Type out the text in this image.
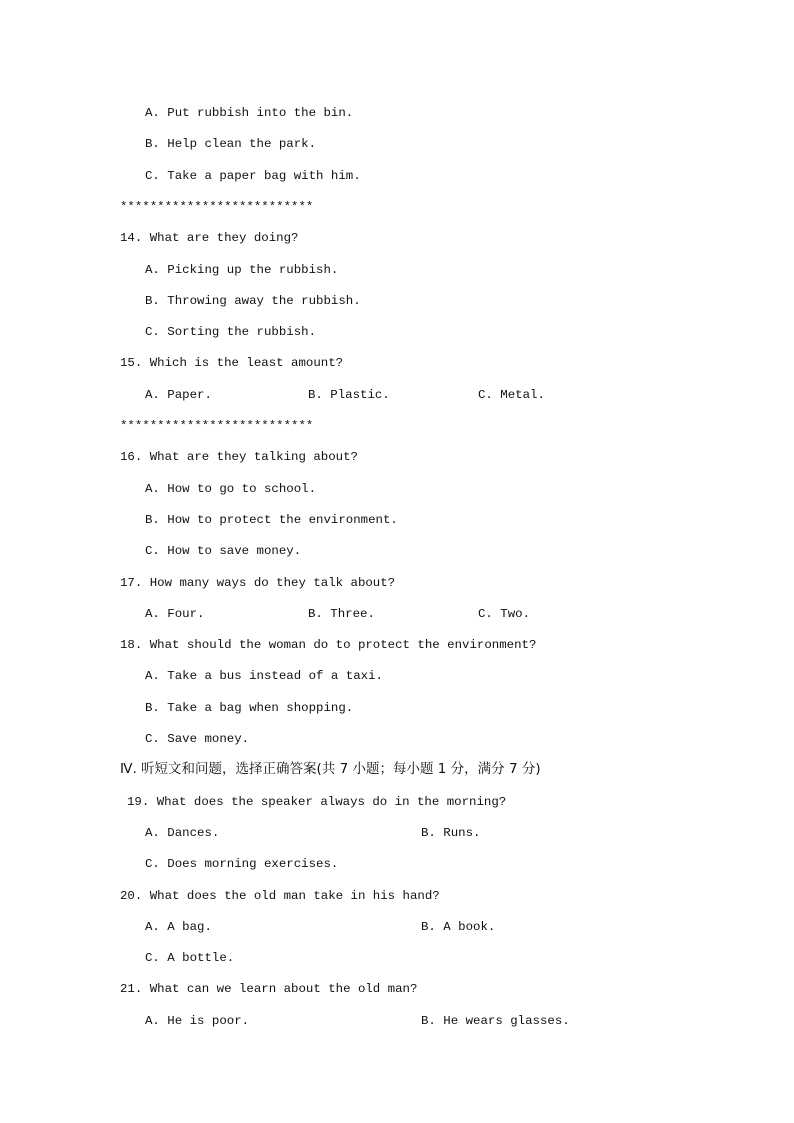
A. Put rubbish into the bin.
B. Help clean the park.
C. Take a paper bag with him.
**************************
14. What are they doing?
A. Picking up the rubbish.
B. Throwing away the rubbish.
C. Sorting the rubbish.
15. Which is the least amount?
A. Paper.	B. Plastic.	C. Metal.
**************************
16. What are they talking about?
A. How to go to school.
B. How to protect the environment.
C. How to save money.
17. How many ways do they talk about?
A. Four.	B. Three.	C. Two.
18. What should the woman do to protect the environment?
A. Take a bus instead of a taxi.
B. Take a bag when shopping.
C. Save money.
Ⅳ. 听短文和问题，选择正确答案(共 7 小题；每小题 1 分，满分 7 分)
19. What does the speaker always do in the morning?
A. Dances.	B. Runs.
C. Does morning exercises.
20. What does the old man take in his hand?
A. A bag.	B. A book.
C. A bottle.
21. What can we learn about the old man?
A. He is poor.	B. He wears glasses.
